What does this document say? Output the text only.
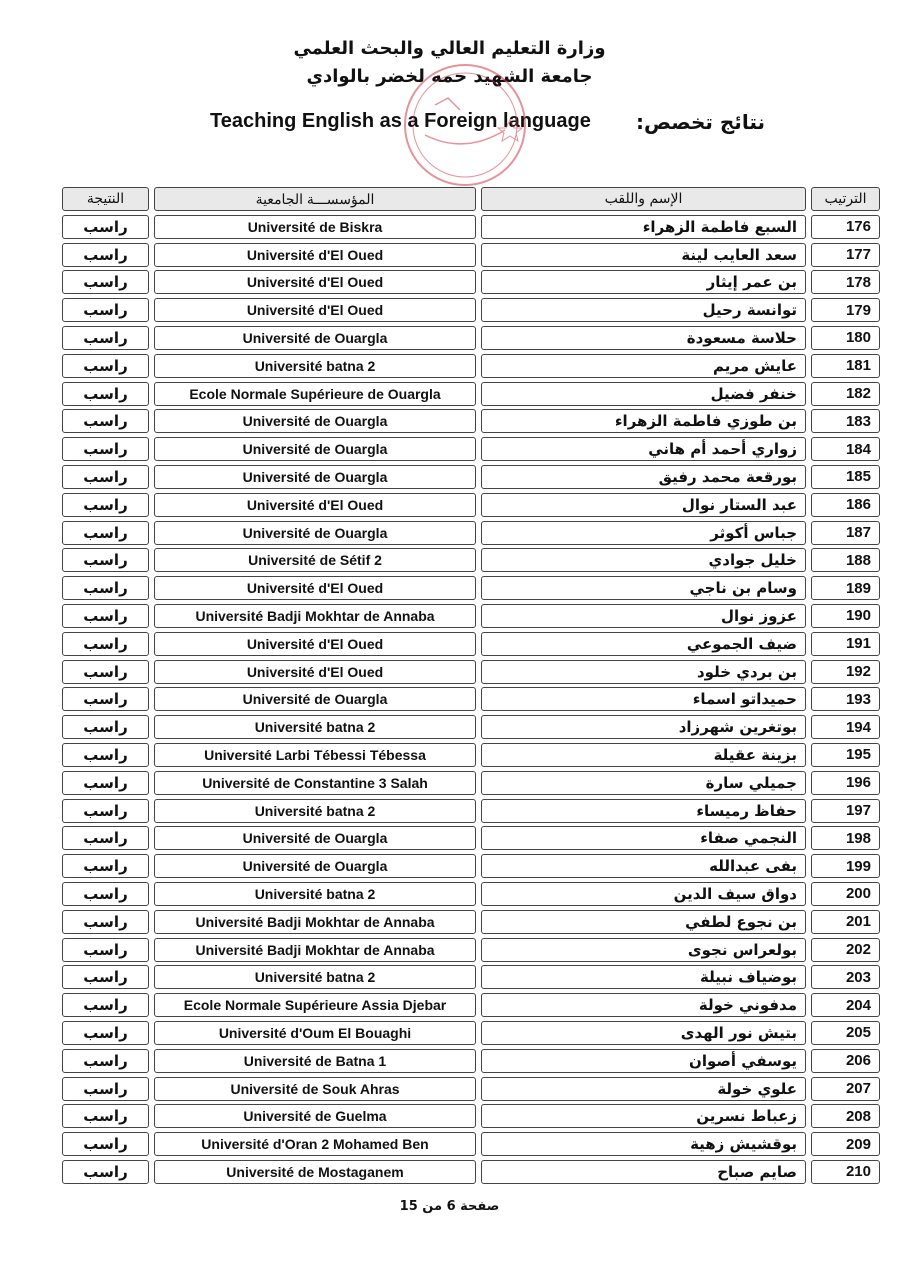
وزارة التعليم العالي والبحث العلمي
جامعة الشهيد حمه لخضر بالوادي
Teaching English as a Foreign language نتائج تخصص:
النتيجة	المؤسســـة الجامعية	الإسم واللقب	الترتيب
راسب	Université de Biskra	السبع فاطمة الزهراء	176
راسب	Université d'El Oued	سعد العايب لينة	177
راسب	Université d'El Oued	بن عمر إيثار	178
راسب	Université d'El Oued	توانسة رحيل	179
راسب	Université de Ouargla	حلاسة مسعودة	180
راسب	Université batna 2	عايش مريم	181
راسب	Ecole Normale Supérieure de Ouargla	خنفر فضيل	182
راسب	Université de Ouargla	بن طوزي فاطمة الزهراء	183
راسب	Université de Ouargla	زواري أحمد أم هاني	184
راسب	Université de Ouargla	بورقعة محمد رفيق	185
راسب	Université d'El Oued	عبد الستار نوال	186
راسب	Université de Ouargla	جباس أكوثر	187
راسب	Université de Sétif 2	خليل جوادي	188
راسب	Université d'El Oued	وسام بن ناجي	189
راسب	Université Badji Mokhtar de Annaba	عزوز نوال	190
راسب	Université d'El Oued	ضيف الجموعي	191
راسب	Université d'El Oued	بن بردي خلود	192
راسب	Université de Ouargla	حميداتو اسماء	193
راسب	Université batna 2	بوتغرين شهرزاد	194
راسب	Université Larbi Tébessi Tébessa	بزينة عقيلة	195
راسب	Université de Constantine 3 Salah	جميلي سارة	196
راسب	Université batna 2	حفاظ رميساء	197
راسب	Université de Ouargla	النجمي صفاء	198
راسب	Université de Ouargla	بفى عبدالله	199
راسب	Université batna 2	دواق سيف الدين	200
راسب	Université Badji Mokhtar de Annaba	بن نجوع لطفي	201
راسب	Université Badji Mokhtar de Annaba	بولعراس نجوى	202
راسب	Université batna 2	بوضياف نبيلة	203
راسب	Ecole Normale Supérieure Assia Djebar	مدفوني خولة	204
راسب	Université d'Oum El Bouaghi	بتيش نور الهدى	205
راسب	Université de Batna 1	يوسفي أصوان	206
راسب	Université de Souk Ahras	علوي خولة	207
راسب	Université de Guelma	زعباط نسرين	208
راسب	Université d'Oran 2 Mohamed Ben	بوقشيش زهية	209
راسب	Université de Mostaganem	صايم صباح	210
صفحة 6 من 15
